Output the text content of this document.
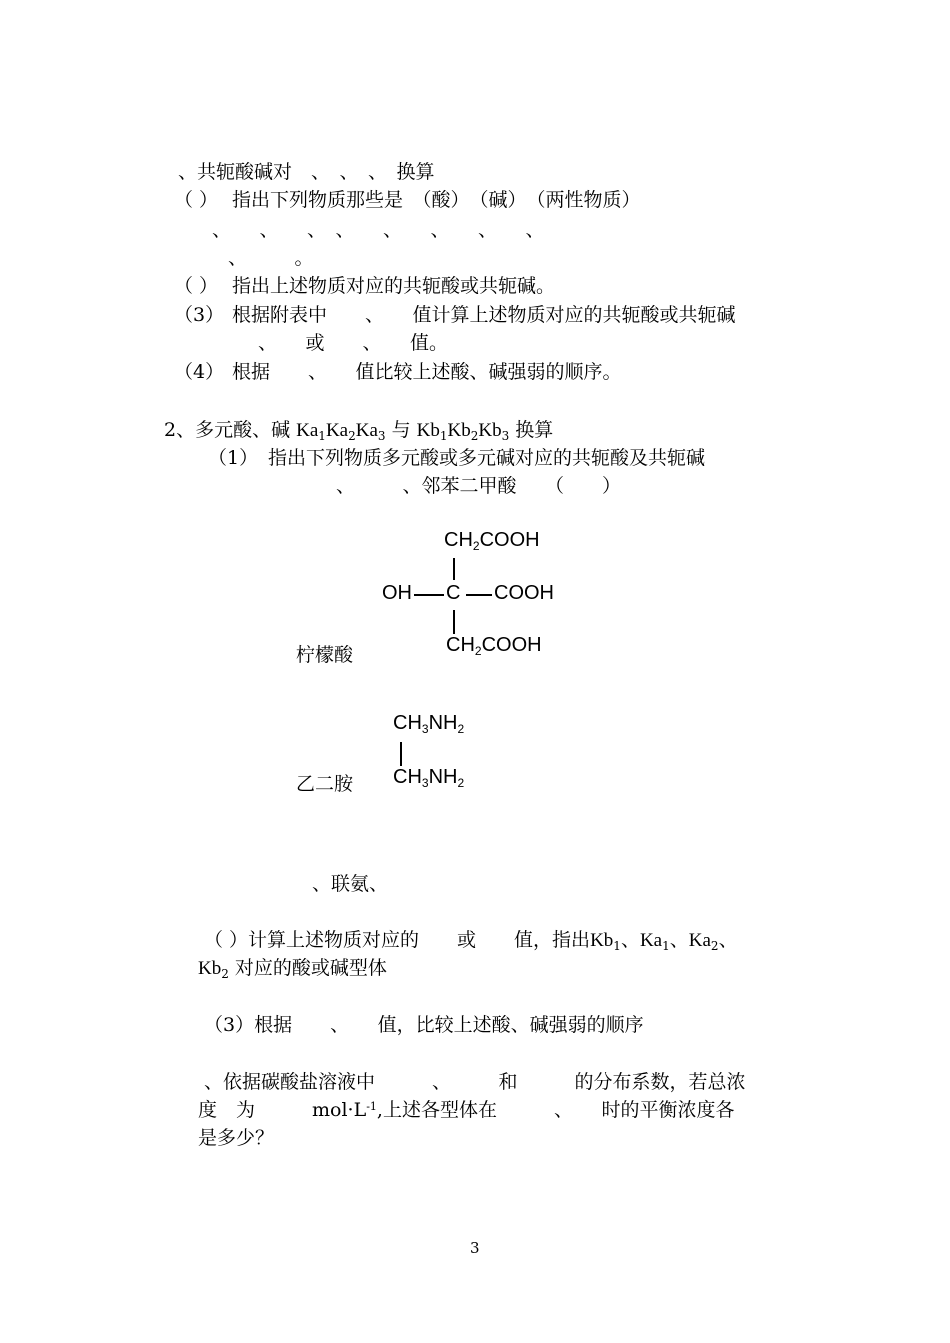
、共轭酸碱对　、　、　、　换算
（ ） 指出下列物质那些是　（酸）　（碱）　（两性物质）
、　　、　　、　、　　、　　、　　、　　、
、　　　。
（ ） 指出上述物质对应的共轭酸或共轭碱。
（3） 根据附表中　　、　　值计算上述物质对应的共轭酸或共轭碱
、　　或　　、　　值。
（4） 根据　　、　　值比较上述酸、碱强弱的顺序。
2、多元酸、碱 $Ka_1Ka_2Ka_3$ 与 $Kb_1Kb_2Kb_3$ 换算
（1） 指出下列物质多元酸或多元碱对应的共轭酸及共轭碱
、　　　、邻苯二甲酸　　（　　）
$CH_2COOH$
OH C COOH
$CH_2COOH$
柠檬酸
$CH_3NH_2$
$CH_3NH_2$
乙二胺
、联氨、
（ ）计算上述物质对应的　　或　　值，指出$Kb_1$、$Ka_1$、$Ka_2$、
$Kb_2$ 对应的酸或碱型体
（3）根据　　、　　值，比较上述酸、碱强弱的顺序
、依据碳酸盐溶液中　　　、　　　和　　　的分布系数，若总浓
度　为　　　$mol\cdot L^{-1}$,上述各型体在　　　、　　时的平衡浓度各
是多少？
3
